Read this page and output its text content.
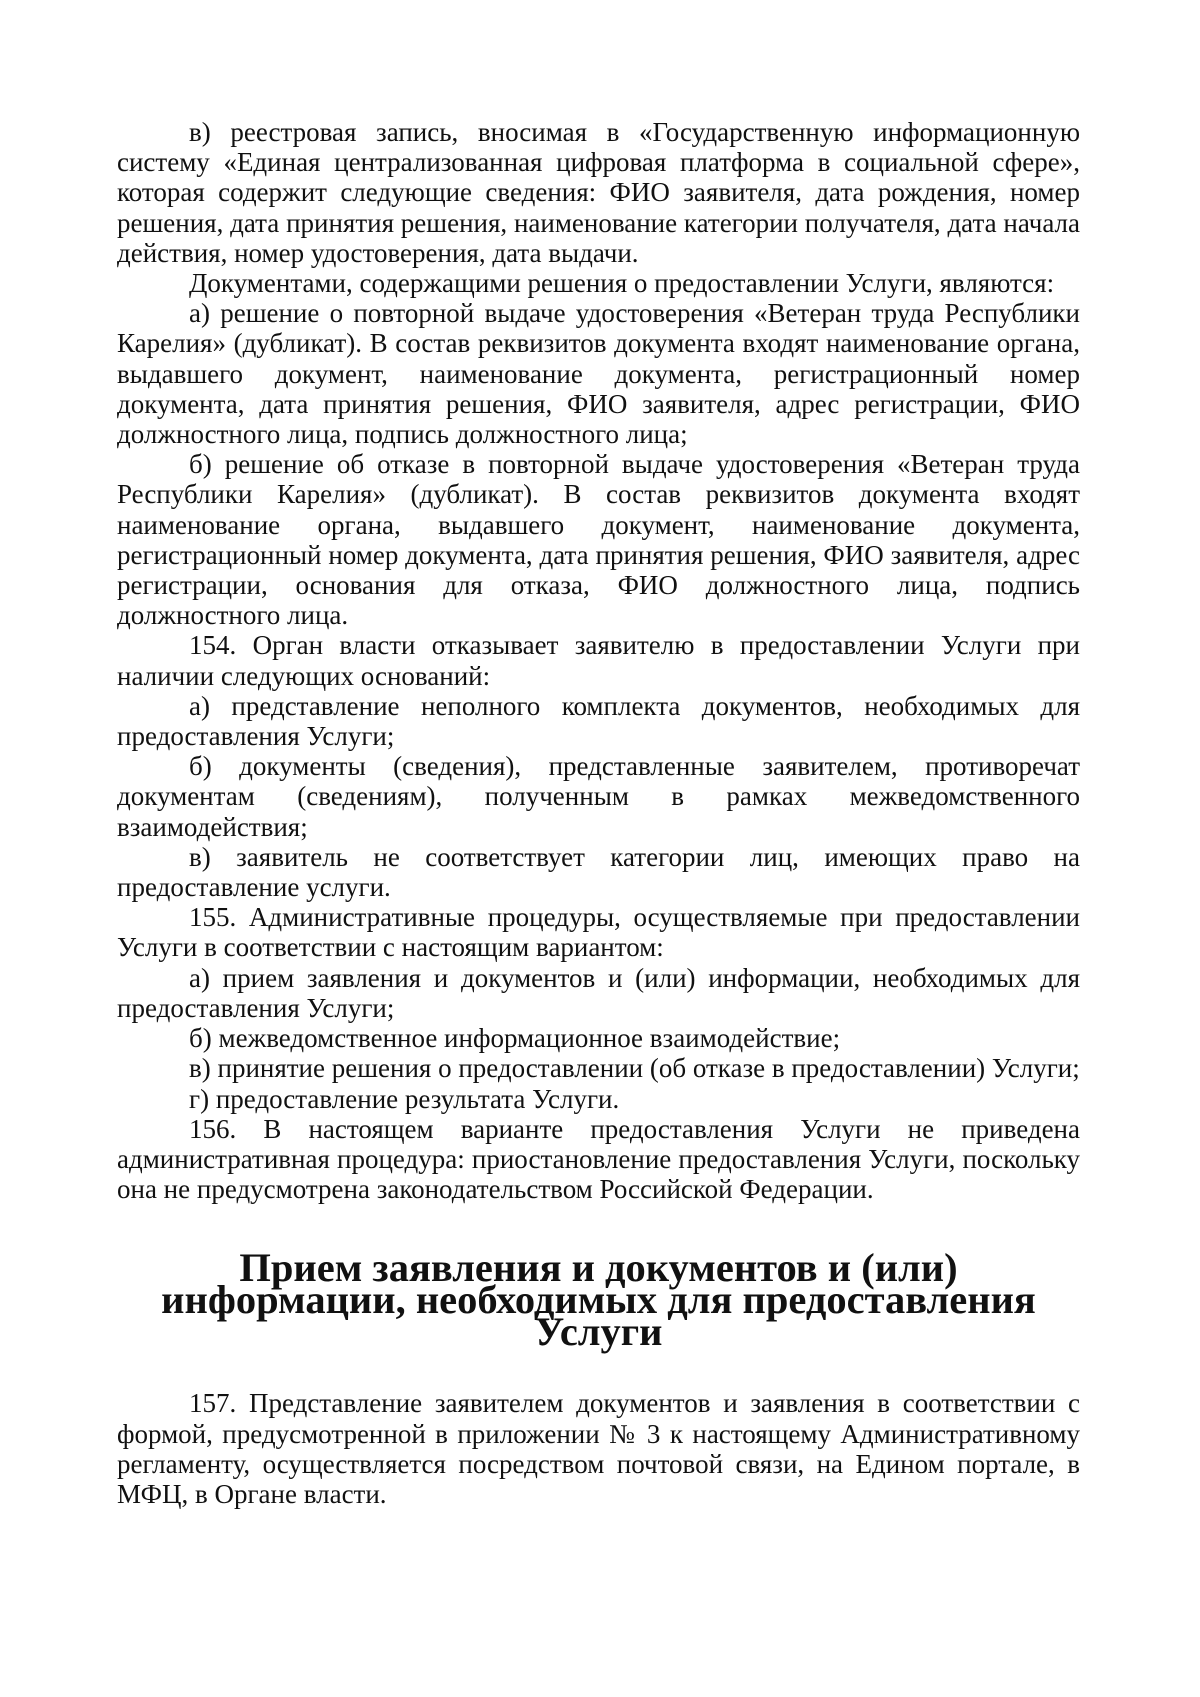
в) реестровая запись, вносимая в «Государственную информационную систему «Единая централизованная цифровая платформа в социальной сфере», которая содержит следующие сведения: ФИО заявителя, дата рождения, номер решения, дата принятия решения, наименование категории получателя, дата начала действия, номер удостоверения, дата выдачи.

Документами, содержащими решения о предоставлении Услуги, являются:

а) решение о повторной выдаче удостоверения «Ветеран труда Республики Карелия» (дубликат). В состав реквизитов документа входят наименование органа, выдавшего документ, наименование документа, регистрационный номер документа, дата принятия решения, ФИО заявителя, адрес регистрации, ФИО должностного лица, подпись должностного лица;

б) решение об отказе в повторной выдаче удостоверения «Ветеран труда Республики Карелия» (дубликат). В состав реквизитов документа входят наименование органа, выдавшего документ, наименование документа, регистрационный номер документа, дата принятия решения, ФИО заявителя, адрес регистрации, основания для отказа, ФИО должностного лица, подпись должностного лица.

154. Орган власти отказывает заявителю в предоставлении Услуги при наличии следующих оснований:

а) представление неполного комплекта документов, необходимых для предоставления Услуги;

б) документы (сведения), представленные заявителем, противоречат документам (сведениям), полученным в рамках межведомственного взаимодействия;

в) заявитель не соответствует категории лиц, имеющих право на предоставление услуги.

155. Административные процедуры, осуществляемые при предоставлении Услуги в соответствии с настоящим вариантом:

а) прием заявления и документов и (или) информации, необходимых для предоставления Услуги;

б) межведомственное информационное взаимодействие;

в) принятие решения о предоставлении (об отказе в предоставлении) Услуги;

г) предоставление результата Услуги.

156. В настоящем варианте предоставления Услуги не приведена административная процедура: приостановление предоставления Услуги, поскольку она не предусмотрена законодательством Российской Федерации.

Прием заявления и документов и (или) информации, необходимых для предоставления Услуги

157. Представление заявителем документов и заявления в соответствии с формой, предусмотренной в приложении № 3 к настоящему Административному регламенту, осуществляется посредством почтовой связи, на Едином портале, в МФЦ, в Органе власти.
